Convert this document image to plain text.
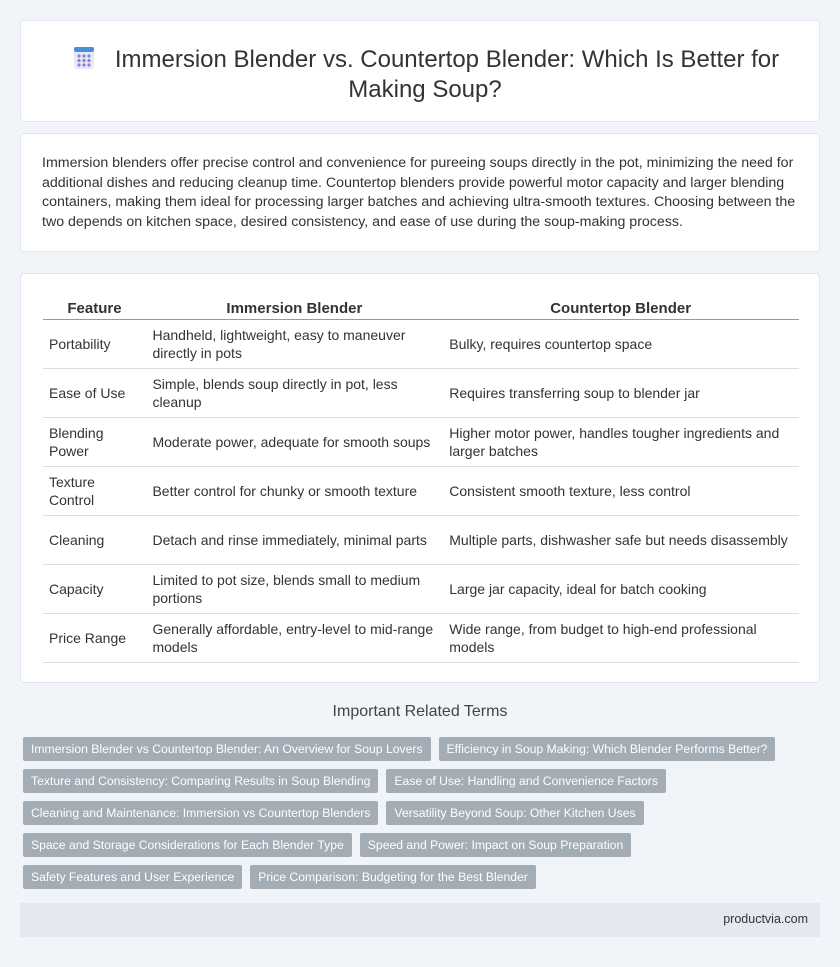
Immersion Blender vs. Countertop Blender: Which Is Better for Making Soup?

Immersion blenders offer precise control and convenience for pureeing soups directly in the pot, minimizing the need for additional dishes and reducing cleanup time. Countertop blenders provide powerful motor capacity and larger blending containers, making them ideal for processing larger batches and achieving ultra-smooth textures. Choosing between the two depends on kitchen space, desired consistency, and ease of use during the soup-making process.

Feature	Immersion Blender	Countertop Blender
Portability	Handheld, lightweight, easy to maneuver directly in pots	Bulky, requires countertop space
Ease of Use	Simple, blends soup directly in pot, less cleanup	Requires transferring soup to blender jar
Blending Power	Moderate power, adequate for smooth soups	Higher motor power, handles tougher ingredients and larger batches
Texture Control	Better control for chunky or smooth texture	Consistent smooth texture, less control
Cleaning	Detach and rinse immediately, minimal parts	Multiple parts, dishwasher safe but needs disassembly
Capacity	Limited to pot size, blends small to medium portions	Large jar capacity, ideal for batch cooking
Price Range	Generally affordable, entry-level to mid-range models	Wide range, from budget to high-end professional models
Important Related Terms
Immersion Blender vs Countertop Blender: An Overview for Soup Lovers	Efficiency in Soup Making: Which Blender Performs Better?
Texture and Consistency: Comparing Results in Soup Blending	Ease of Use: Handling and Convenience Factors
Cleaning and Maintenance: Immersion vs Countertop Blenders	Versatility Beyond Soup: Other Kitchen Uses
Space and Storage Considerations for Each Blender Type	Speed and Power: Impact on Soup Preparation
Safety Features and User Experience	Price Comparison: Budgeting for the Best Blender
productvia.com
